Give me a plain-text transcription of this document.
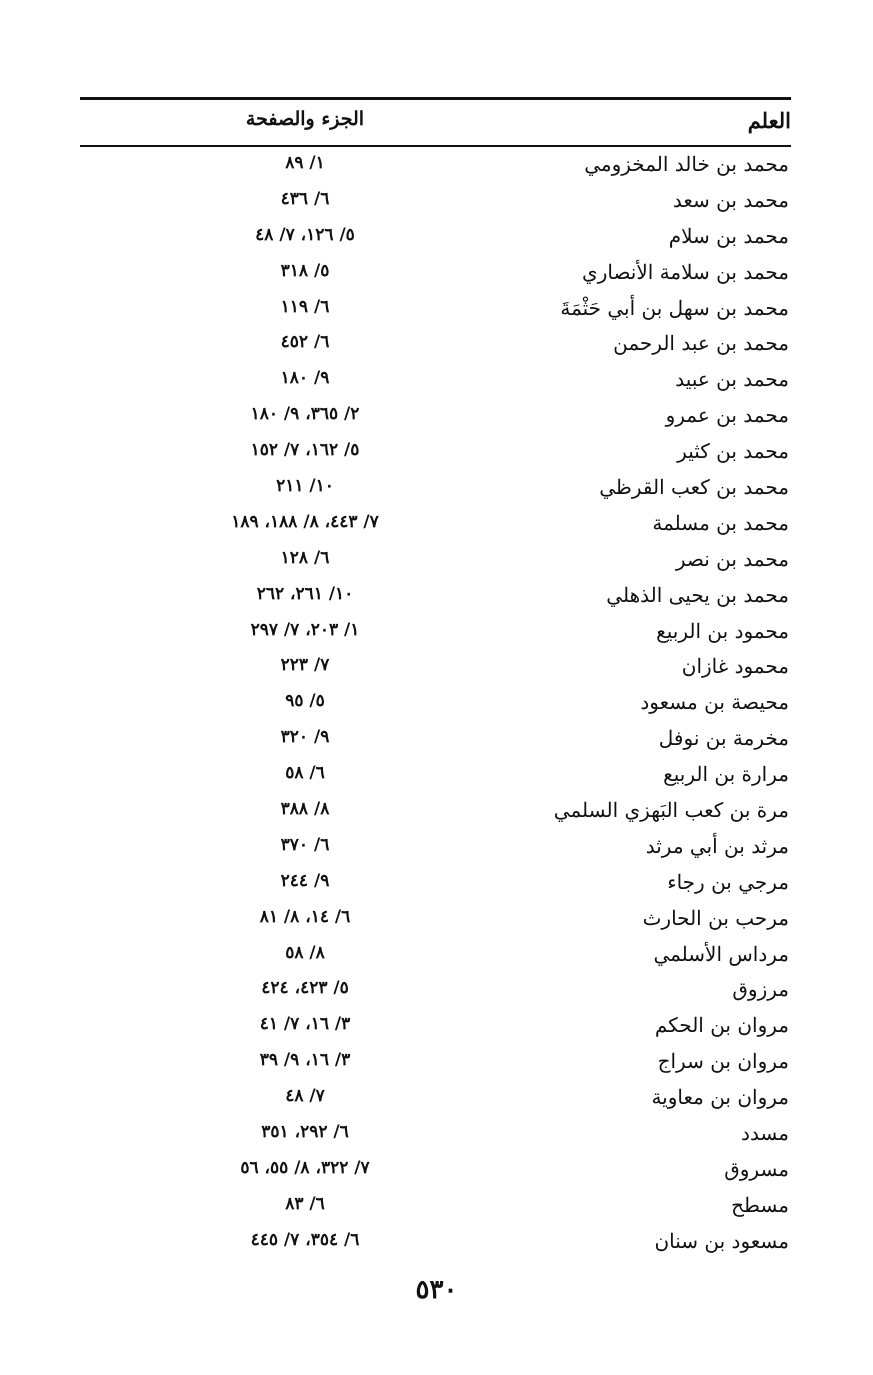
العلم
الجزء والصفحة
محمد بن خالد المخزومي
١/ ٨٩
محمد بن سعد
٦/ ٤٣٦
محمد بن سلام
٥/ ١٢٦، ٧/ ٤٨
محمد بن سلامة الأنصاري
٥/ ٣١٨
محمد بن سهل بن أبي حَثْمَةَ
٦/ ١١٩
محمد بن عبد الرحمن
٦/ ٤٥٢
محمد بن عبيد
٩/ ١٨٠
محمد بن عمرو
٢/ ٣٦٥، ٩/ ١٨٠
محمد بن كثير
٥/ ١٦٢، ٧/ ١٥٢
محمد بن كعب القرظي
١٠/ ٢١١
محمد بن مسلمة
٧/ ٤٤٣، ٨/ ١٨٨، ١٨٩
محمد بن نصر
٦/ ١٢٨
محمد بن يحيى الذهلي
١٠/ ٢٦١، ٢٦٢
محمود بن الربيع
١/ ٢٠٣، ٧/ ٢٩٧
محمود غازان
٧/ ٢٢٣
محيصة بن مسعود
٥/ ٩٥
مخرمة بن نوفل
٩/ ٣٢٠
مرارة بن الربيع
٦/ ٥٨
مرة بن كعب البَهزي السلمي
٨/ ٣٨٨
مرثد بن أبي مرثد
٦/ ٣٧٠
مرجي بن رجاء
٩/ ٢٤٤
مرحب بن الحارث
٦/ ١٤، ٨/ ٨١
مرداس الأسلمي
٨/ ٥٨
مرزوق
٥/ ٤٢٣، ٤٢٤
مروان بن الحكم
٣/ ١٦، ٧/ ٤١
مروان بن سراج
٣/ ١٦، ٩/ ٣٩
مروان بن معاوية
٧/ ٤٨
مسدد
٦/ ٢٩٢، ٣٥١
مسروق
٧/ ٣٢٢، ٨/ ٥٥، ٥٦
مسطح
٦/ ٨٣
مسعود بن سنان
٦/ ٣٥٤، ٧/ ٤٤٥
٥٣٠
